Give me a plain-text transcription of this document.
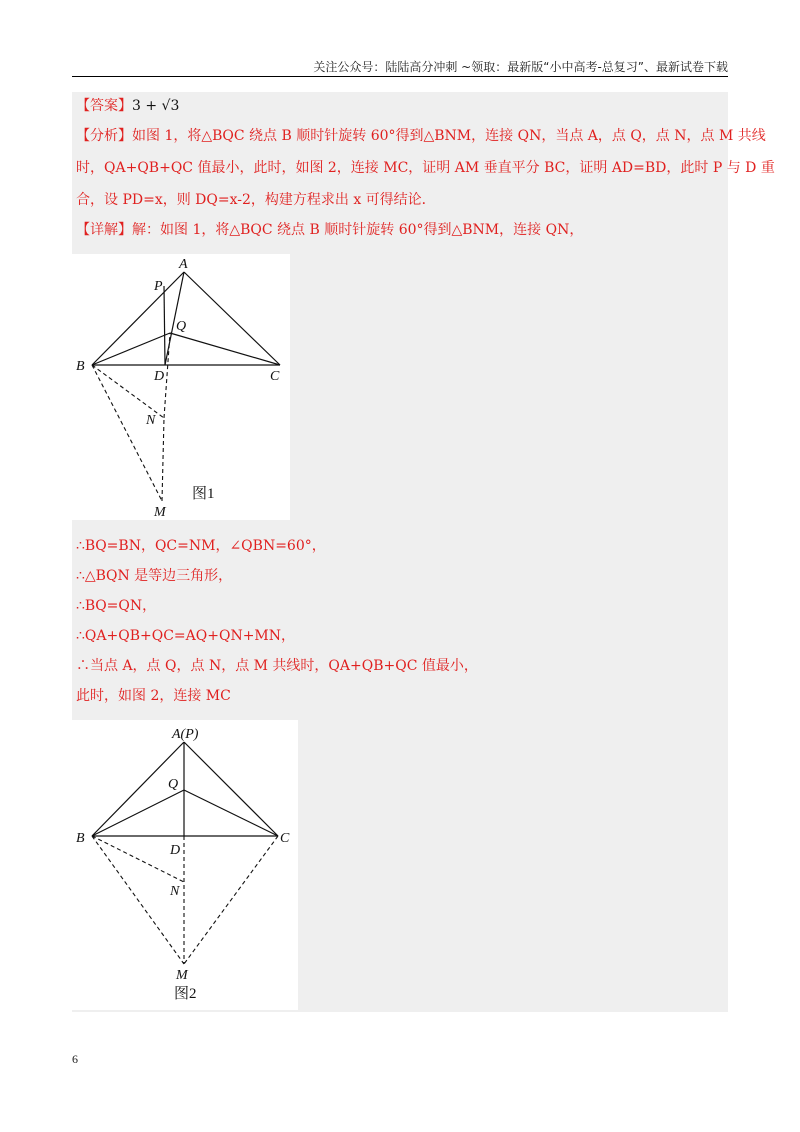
关注公众号：陆陆高分冲刺 ~领取：最新版“小中高考-总复习”、最新试卷下载
【答案】3 + √3
【分析】如图 1，将△BQC 绕点 B 顺时针旋转 60°得到△BNM，连接 QN，当点 A，点 Q，点 N，点 M 共线
时，QA+QB+QC 值最小，此时，如图 2，连接 MC，证明 AM 垂直平分 BC，证明 AD=BD，此时 P 与 D 重
合，设 PD=x，则 DQ=x-2，构建方程求出 x 可得结论．
【详解】解：如图 1，将△BQC 绕点 B 顺时针旋转 60°得到△BNM，连接 QN，
A
P
Q
B
D	C
N
M
图1
∴BQ=BN，QC=NM，∠QBN=60°，
∴△BQN 是等边三角形，
∴BQ=QN，
∴QA+QB+QC=AQ+QN+MN，
∴当点 A，点 Q，点 N，点 M 共线时，QA+QB+QC 值最小，
此时，如图 2，连接 MC
A(P)
Q
B
D
C
N
M
图2
6
